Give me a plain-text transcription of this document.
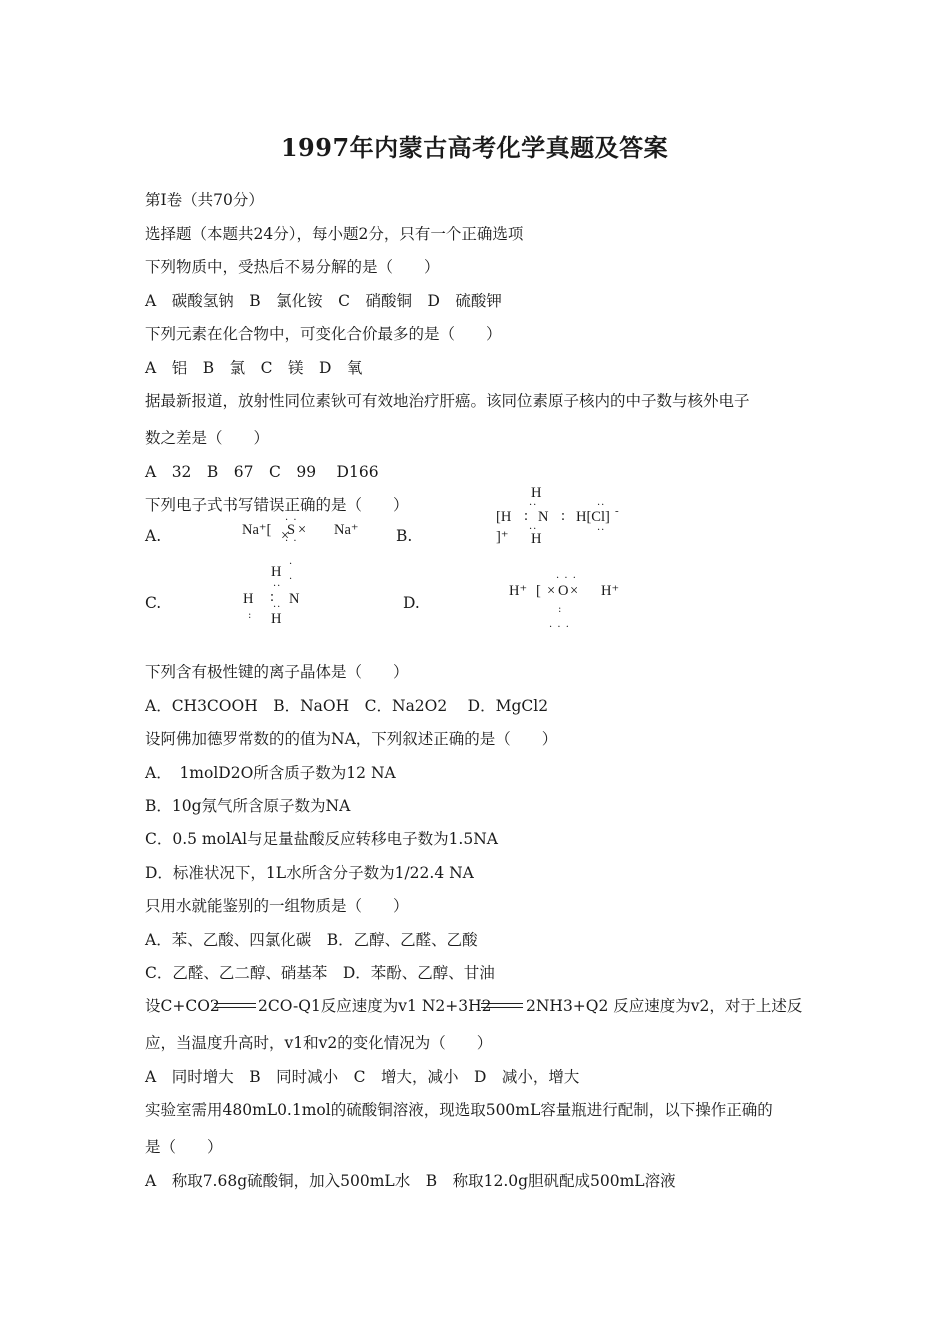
1997年内蒙古高考化学真题及答案
第Ⅰ卷（共70分）
选择题（本题共24分），每小题2分，只有一个正确选项
下列物质中，受热后不易分解的是（　　）
A　碳酸氢钠　B　氯化铵　C　硝酸铜　D　硫酸钾
下列元素在化合物中，可变化合价最多的是（　　）
A　铝　B　氯　C　镁　D　氧
据最新报道，放射性同位素钬可有效地治疗肝癌。该同位素原子核内的中子数与核外电子
数之差是（　　）
A　32　B　67　C　99　 D166
下列电子式书写错误正确的是（　　）
A.	Na⁺[
· ·
S ×
×
· ·
Na⁺ B.
H
··
[H : N :
··
H[Cl] -
··
]⁺ ··
H
C.
·
H ·
··
H : N
··
: H
D.
H⁺ [
· · ·
× O × H⁺
:
· · ·
下列含有极性键的离子晶体是（　　）
A．CH3COOH　B．NaOH　C．Na2O2　 D．MgCl2
设阿佛加德罗常数的的值为NA，下列叙述正确的是（　　）
A．　1molD2O所含质子数为12 NA
B．10g氖气所含原子数为NA
C．0.5 molAl与足量盐酸反应转移电子数为1.5NA
D．标准状况下，1L水所含分子数为1/22.4 NA
只用水就能鉴别的一组物质是（　　）
A．苯、乙酸、四氯化碳　B．乙醇、乙醛、乙酸
C．乙醛、乙二醇、硝基苯　D．苯酚、乙醇、甘油
设C+CO2 2CO-Q1反应速度为v1 N2+3H2 2NH3+Q2 反应速度为v2，对于上述反
应，当温度升高时，v1和v2的变化情况为（　　）
A　同时增大　B　同时减小　C　增大，减小　D　减小，增大
实验室需用480mL0.1mol的硫酸铜溶液，现选取500mL容量瓶进行配制，以下操作正确的
是（　　）
A　称取7.68g硫酸铜，加入500mL水　B　称取12.0g胆矾配成500mL溶液
